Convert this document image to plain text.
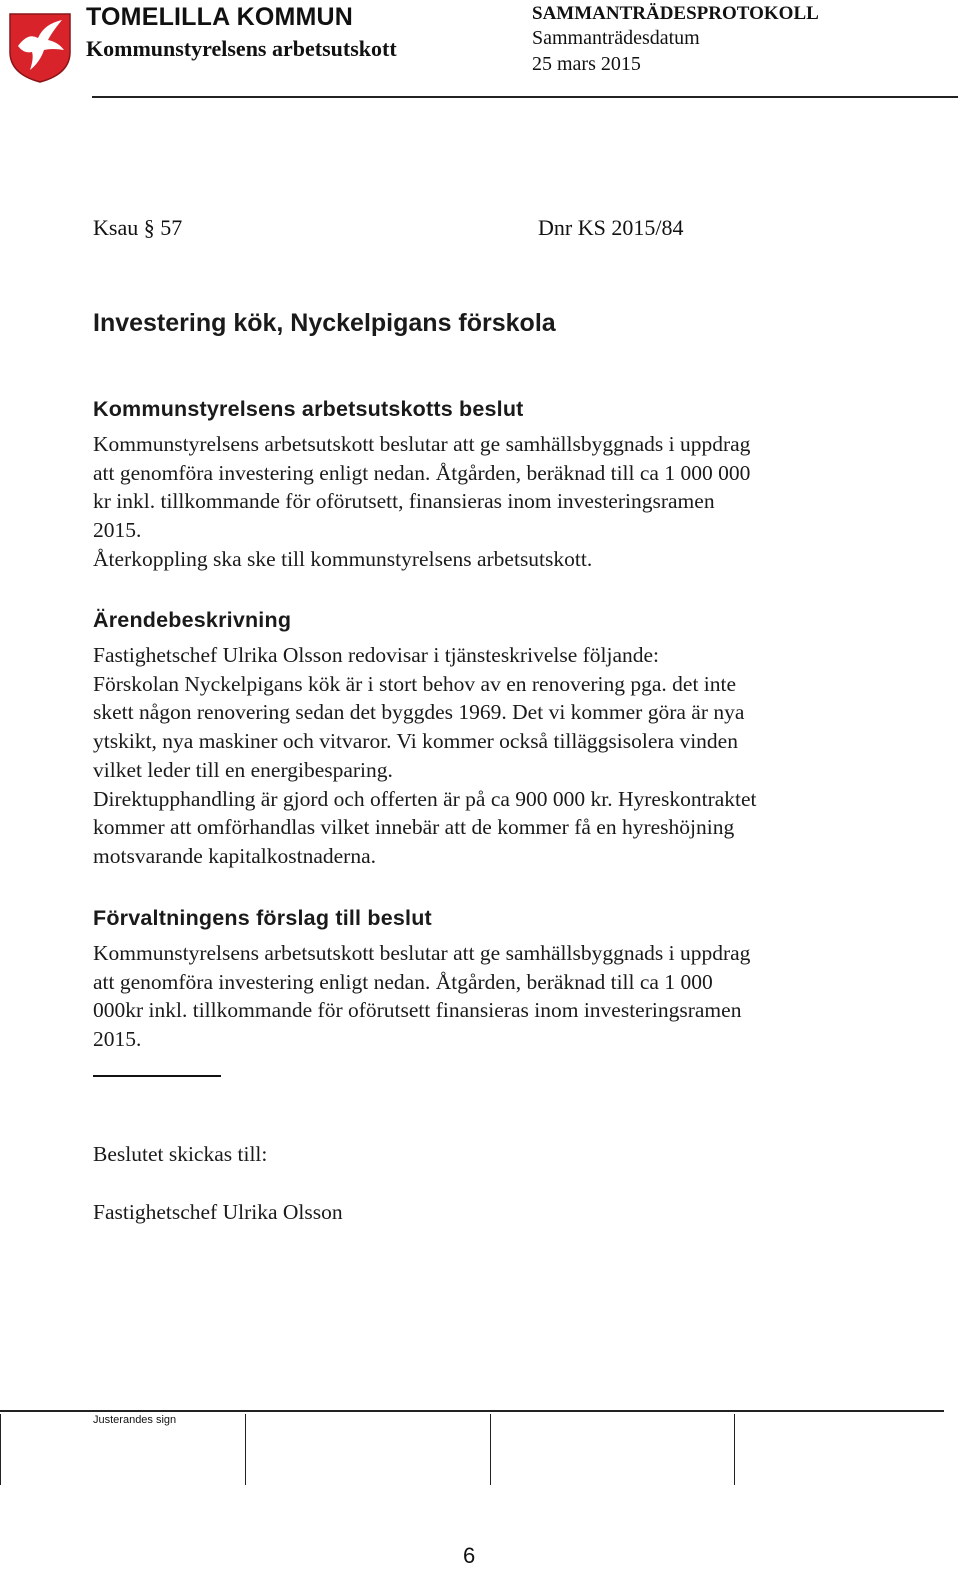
TOMELILLA KOMMUN
Kommunstyrelsens arbetsutskott
SAMMANTRÄDESPROTOKOLL
Sammanträdesdatum
25 mars 2015
Ksau § 57	Dnr KS 2015/84
Investering kök, Nyckelpigans förskola
Kommunstyrelsens arbetsutskotts beslut
Kommunstyrelsens arbetsutskott beslutar att ge samhällsbyggnads i uppdrag
att genomföra investering enligt nedan. Åtgården, beräknad till ca 1 000 000
kr inkl. tillkommande för oförutsett, finansieras inom investeringsramen
2015.
Återkoppling ska ske till kommunstyrelsens arbetsutskott.
Ärendebeskrivning
Fastighetschef Ulrika Olsson redovisar i tjänsteskrivelse följande:
Förskolan Nyckelpigans kök är i stort behov av en renovering pga. det inte
skett någon renovering sedan det byggdes 1969. Det vi kommer göra är nya
ytskikt, nya maskiner och vitvaror. Vi kommer också tilläggsisolera vinden
vilket leder till en energibesparing.
Direktupphandling är gjord och offerten är på ca 900 000 kr. Hyreskontraktet
kommer att omförhandlas vilket innebär att de kommer få en hyreshöjning
motsvarande kapitalkostnaderna.
Förvaltningens förslag till beslut
Kommunstyrelsens arbetsutskott beslutar att ge samhällsbyggnads i uppdrag
att genomföra investering enligt nedan. Åtgården, beräknad till ca 1 000
000kr inkl. tillkommande för oförutsett finansieras inom investeringsramen
2015.
Beslutet skickas till:
Fastighetschef Ulrika Olsson
Justerandes sign
6
